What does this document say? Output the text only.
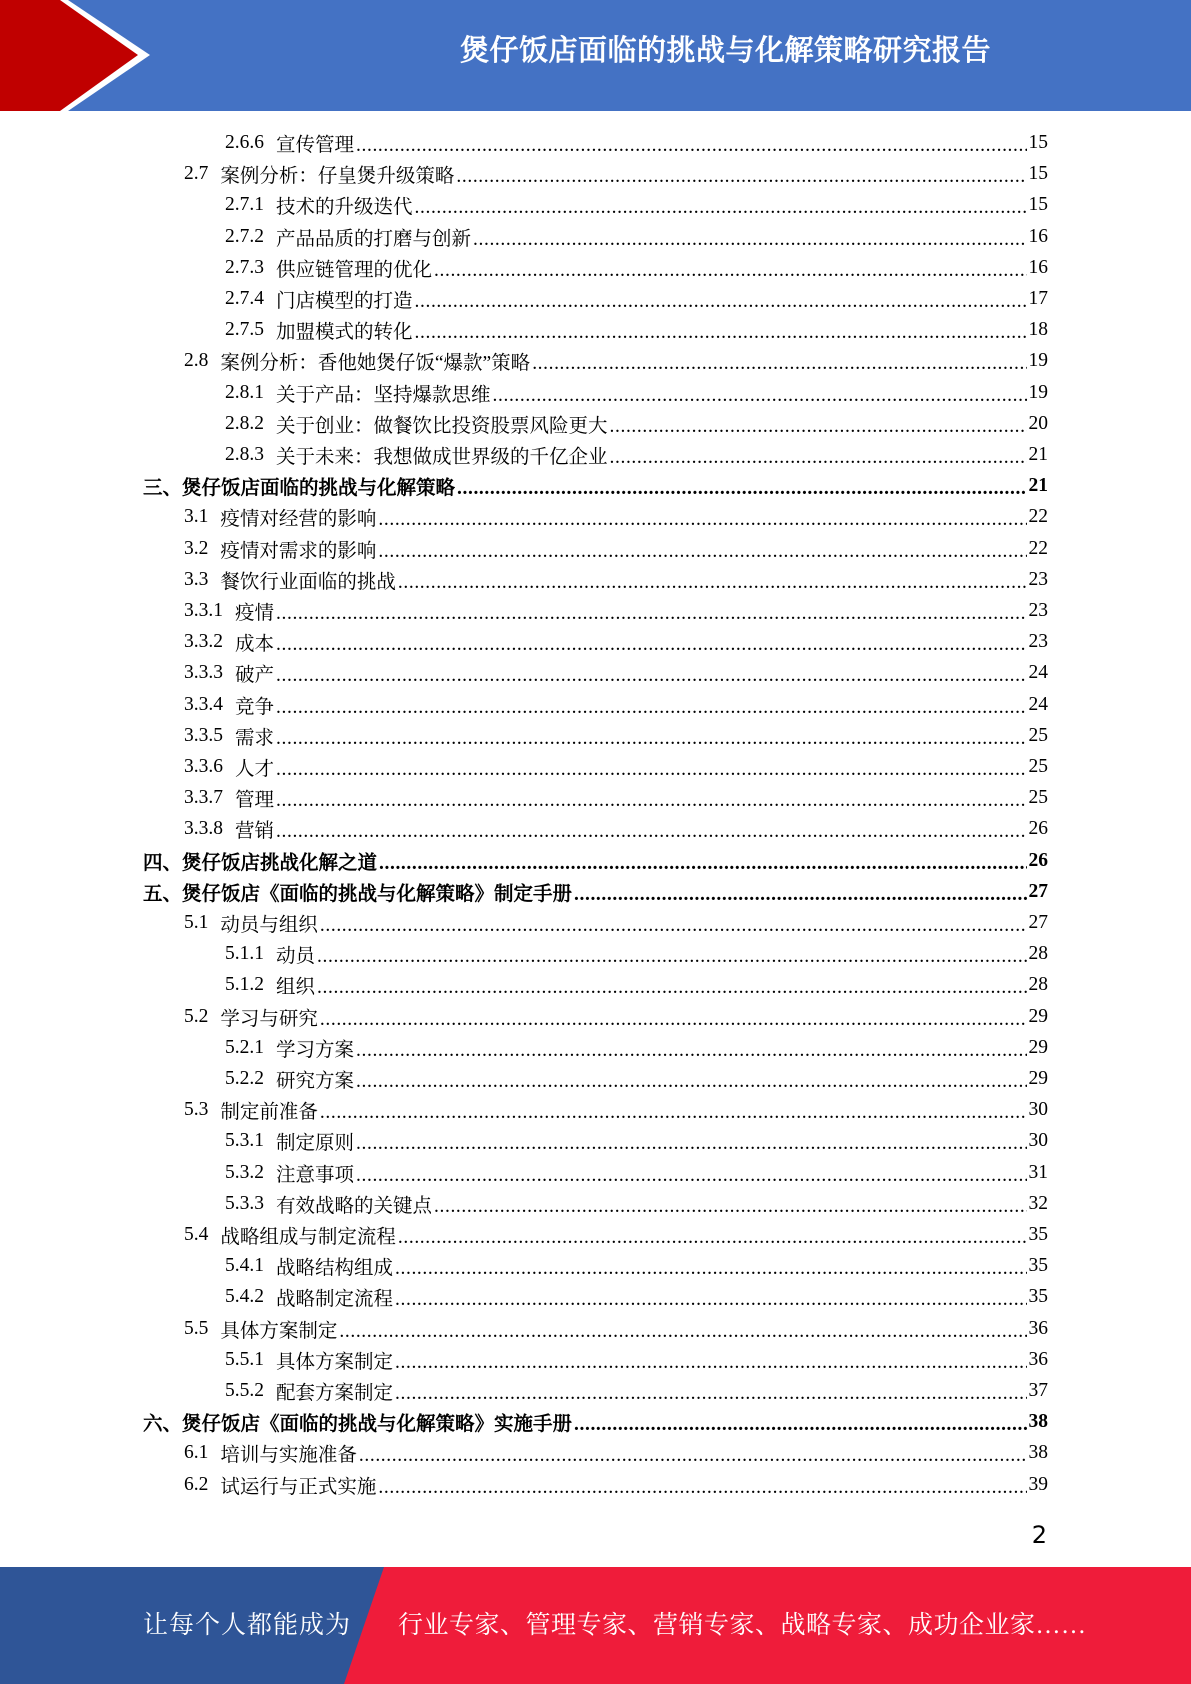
煲仔饭店面临的挑战与化解策略研究报告
2.6.6 宣传管理 .....	15
2.7 案例分析：仔皇煲升级策略 .....	15
2.7.1 技术的升级迭代 .....	15
2.7.2 产品品质的打磨与创新 .....	16
2.7.3 供应链管理的优化 .....	16
2.7.4 门店模型的打造 .....	17
2.7.5 加盟模式的转化 .....	18
2.8 案例分析：香他她煲仔饭“爆款”策略 .....	19
2.8.1 关于产品：坚持爆款思维 .....	19
2.8.2 关于创业：做餐饮比投资股票风险更大 .....	20
2.8.3 关于未来：我想做成世界级的千亿企业 .....	21
三、煲仔饭店面临的挑战与化解策略 .....	21
3.1 疫情对经营的影响 .....	22
3.2 疫情对需求的影响 .....	22
3.3 餐饮行业面临的挑战 .....	23
3.3.1 疫情 .....	23
3.3.2 成本 .....	23
3.3.3 破产 .....	24
3.3.4 竞争 .....	24
3.3.5 需求 .....	25
3.3.6 人才 .....	25
3.3.7 管理 .....	25
3.3.8 营销 .....	26
四、煲仔饭店挑战化解之道 .....	26
五、煲仔饭店《面临的挑战与化解策略》制定手册 .....	27
5.1 动员与组织 .....	27
5.1.1 动员 .....	28
5.1.2 组织 .....	28
5.2 学习与研究 .....	29
5.2.1 学习方案 .....	29
5.2.2 研究方案 .....	29
5.3 制定前准备 .....	30
5.3.1 制定原则 .....	30
5.3.2 注意事项 .....	31
5.3.3 有效战略的关键点 .....	32
5.4 战略组成与制定流程 .....	35
5.4.1 战略结构组成 .....	35
5.4.2 战略制定流程 .....	35
5.5 具体方案制定 .....	36
5.5.1 具体方案制定 .....	36
5.5.2 配套方案制定 .....	37
六、煲仔饭店《面临的挑战与化解策略》实施手册 .....	38
6.1 培训与实施准备 .....	38
6.2 试运行与正式实施 .....	39
2
让每个人都能成为 行业专家、管理专家、营销专家、战略专家、成功企业家……
